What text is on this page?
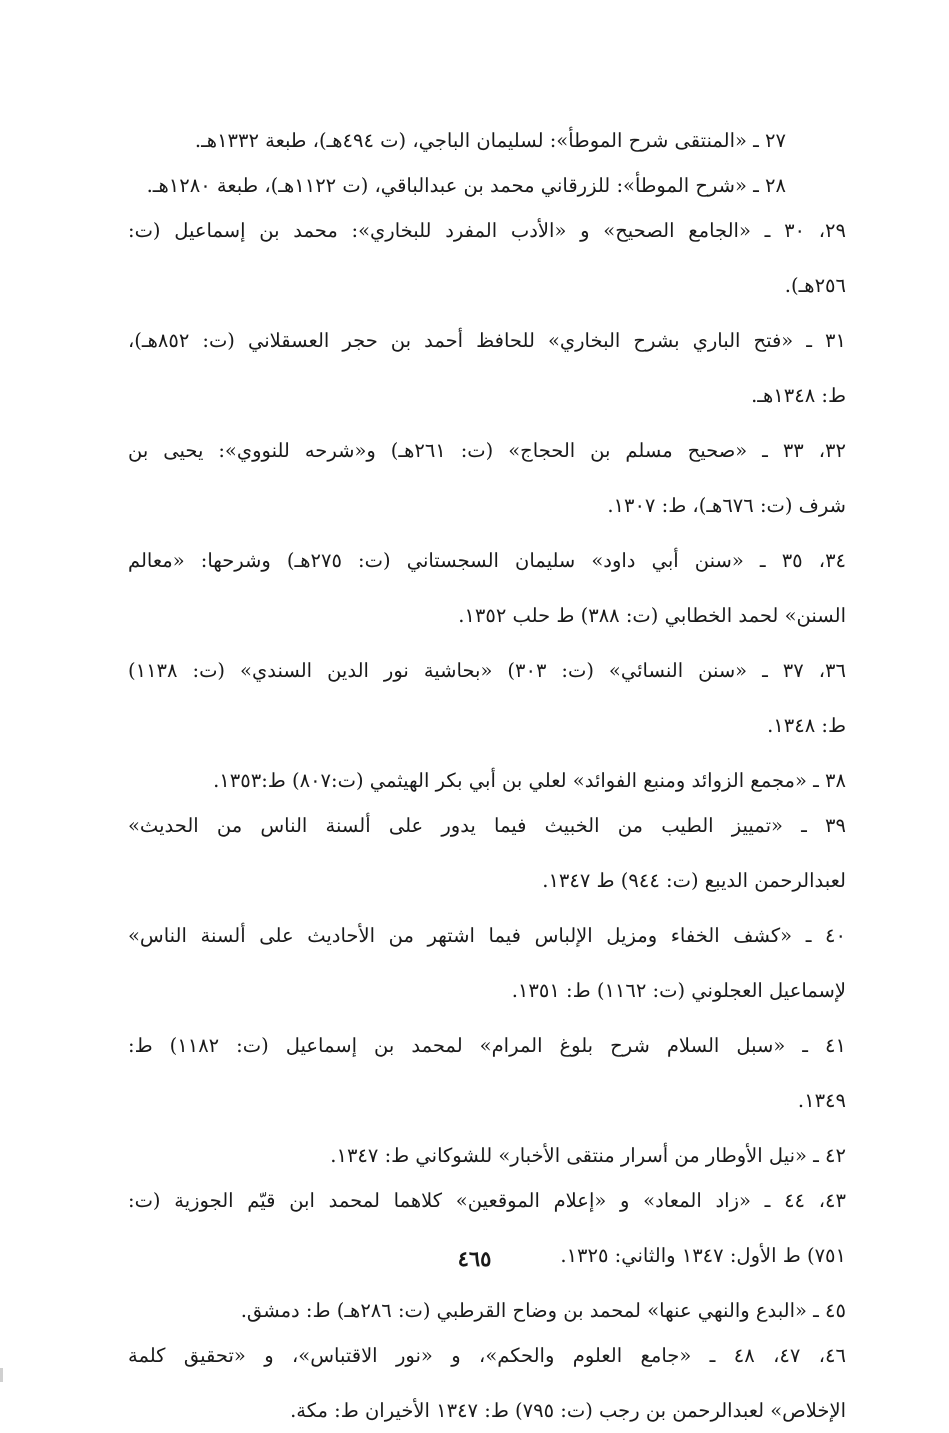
٢٧ ـ «المنتقى شرح الموطأ»: لسليمان الباجي، (ت ٤٩٤هـ)، طبعة ١٣٣٢هـ.
٢٨ ـ «شرح الموطأ»: للزرقاني محمد بن عبدالباقي، (ت ١١٢٢هـ)، طبعة ١٢٨٠هـ.
٢٩، ٣٠ ـ «الجامع الصحيح» و «الأدب المفرد للبخاري»: محمد بن إسماعيل (ت:
٢٥٦هـ).
٣١ ـ «فتح الباري بشرح البخاري» للحافظ أحمد بن حجر العسقلاني (ت: ٨٥٢هـ)،
ط: ١٣٤٨هـ.
٣٢، ٣٣ ـ «صحيح مسلم بن الحجاج» (ت: ٢٦١هـ) و«شرحه للنووي»: يحيى بن
شرف (ت: ٦٧٦هـ)، ط: ١٣٠٧.
٣٤، ٣٥ ـ «سنن أبي داود» سليمان السجستاني (ت: ٢٧٥هـ) وشرحها: «معالم
السنن» لحمد الخطابي (ت: ٣٨٨) ط حلب ١٣٥٢.
٣٦، ٣٧ ـ «سنن النسائي» (ت: ٣٠٣) «بحاشية نور الدين السندي» (ت: ١١٣٨)
ط: ١٣٤٨.
٣٨ ـ «مجمع الزوائد ومنبع الفوائد» لعلي بن أبي بكر الهيثمي (ت:٨٠٧) ط:١٣٥٣.
٣٩ ـ «تمييز الطيب من الخبيث فيما يدور على ألسنة الناس من الحديث»
لعبدالرحمن الديبع (ت: ٩٤٤) ط ١٣٤٧.
٤٠ ـ «كشف الخفاء ومزيل الإلباس فيما اشتهر من الأحاديث على ألسنة الناس»
لإسماعيل العجلوني (ت: ١١٦٢) ط: ١٣٥١.
٤١ ـ «سبل السلام شرح بلوغ المرام» لمحمد بن إسماعيل (ت: ١١٨٢) ط:
١٣٤٩.
٤٢ ـ «نيل الأوطار من أسرار منتقى الأخبار» للشوكاني ط: ١٣٤٧.
٤٣، ٤٤ ـ «زاد المعاد» و «إعلام الموقعين» كلاهما لمحمد ابن قيّم الجوزية (ت:
٧٥١) ط الأول: ١٣٤٧ والثاني: ١٣٢٥.
٤٥ ـ «البدع والنهي عنها» لمحمد بن وضاح القرطبي (ت: ٢٨٦هـ) ط: دمشق.
٤٦، ٤٧، ٤٨ ـ «جامع العلوم والحكم»، و «نور الاقتباس»، و «تحقيق كلمة
الإخلاص» لعبدالرحمن بن رجب (ت: ٧٩٥) ط: ١٣٤٧ الأخيران ط: مكة.
٤٦٥
